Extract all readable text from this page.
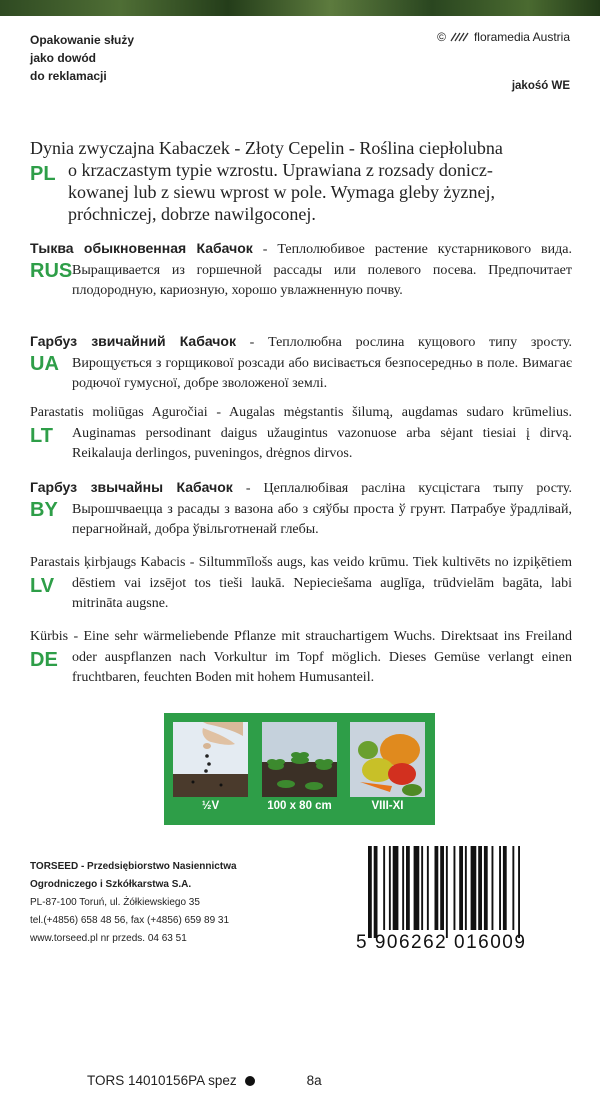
Opakowanie służy
jako dowód
do reklamacji
© floramedia Austria
jakośó WE
PL
Dynia zwyczajna Kabaczek - Złoty Cepelin - Roślina ciepłolubna
o krzaczastym typie wzrostu. Uprawiana z rozsady donicz-
kowanej lub z siewu wprost w pole. Wymaga gleby żyznej,
próchniczej, dobrze nawilgoconej.
RUS
Тыква обыкновенная Кабачок - Теплолюбивое растение кустарникового вида. Выращивается из горшечной рассады или полевого посева. Предпочитает плодородную, кариозную, хорошо увлажненную почву.
UA
Гарбуз звичайний Кабачок - Теплолюбна рослина кущового типу зросту. Вирощується з горщикової розсади або висівається безпосередньо в поле. Вимагає родючої гумусної, добре зволоженої землі.
LT
Parastatis moliūgas Aguročiai - Augalas mėgstantis šilumą, augdamas sudaro krūmelius. Auginamas persodinant daigus užaugintus vazonuose arba sėjant tiesiai į dirvą. Reikalauja derlingos, puveningos, drėgnos dirvos.
BY
Гарбуз звычайны Кабачок - Цеплалюбівая расліна кусцістага тыпу росту. Вырошчваецца з расады з вазона або з сяўбы проста ў грунт. Патрабуе ўрадлівай, перагнойнай, добра ўвільготненай глебы.
LV
Parastais ķirbjaugs Kabacis - Siltummīlošs augs, kas veido krūmu. Tiek kultivēts no izpiķētiem dēstiem vai izsējot tos tieši laukā. Nepieciešama auglīga, trūdvielām bagāta, labi mitrināta augsne.
DE
Kürbis - Eine sehr wärmeliebende Pflanze mit strauchartigem Wuchs. Direktsaat ins Freiland oder auspflanzen nach Vorkultur im Topf möglich. Dieses Gemüse verlangt einen fruchtbaren, feuchten Boden mit hohem Humusanteil.
½V	100 x 80 cm	VIII-XI
TORSEED - Przedsiębiorstwo Nasiennictwa
Ogrodniczego i Szkółkarstwa S.A.
PL-87-100 Toruń, ul. Żółkiewskiego 35
tel.(+4856) 658 48 56, fax (+4856) 659 89 31
www.torseed.pl nr przeds. 04 63 51	5 906262 016009
TORS 14010156PA spez	8a
